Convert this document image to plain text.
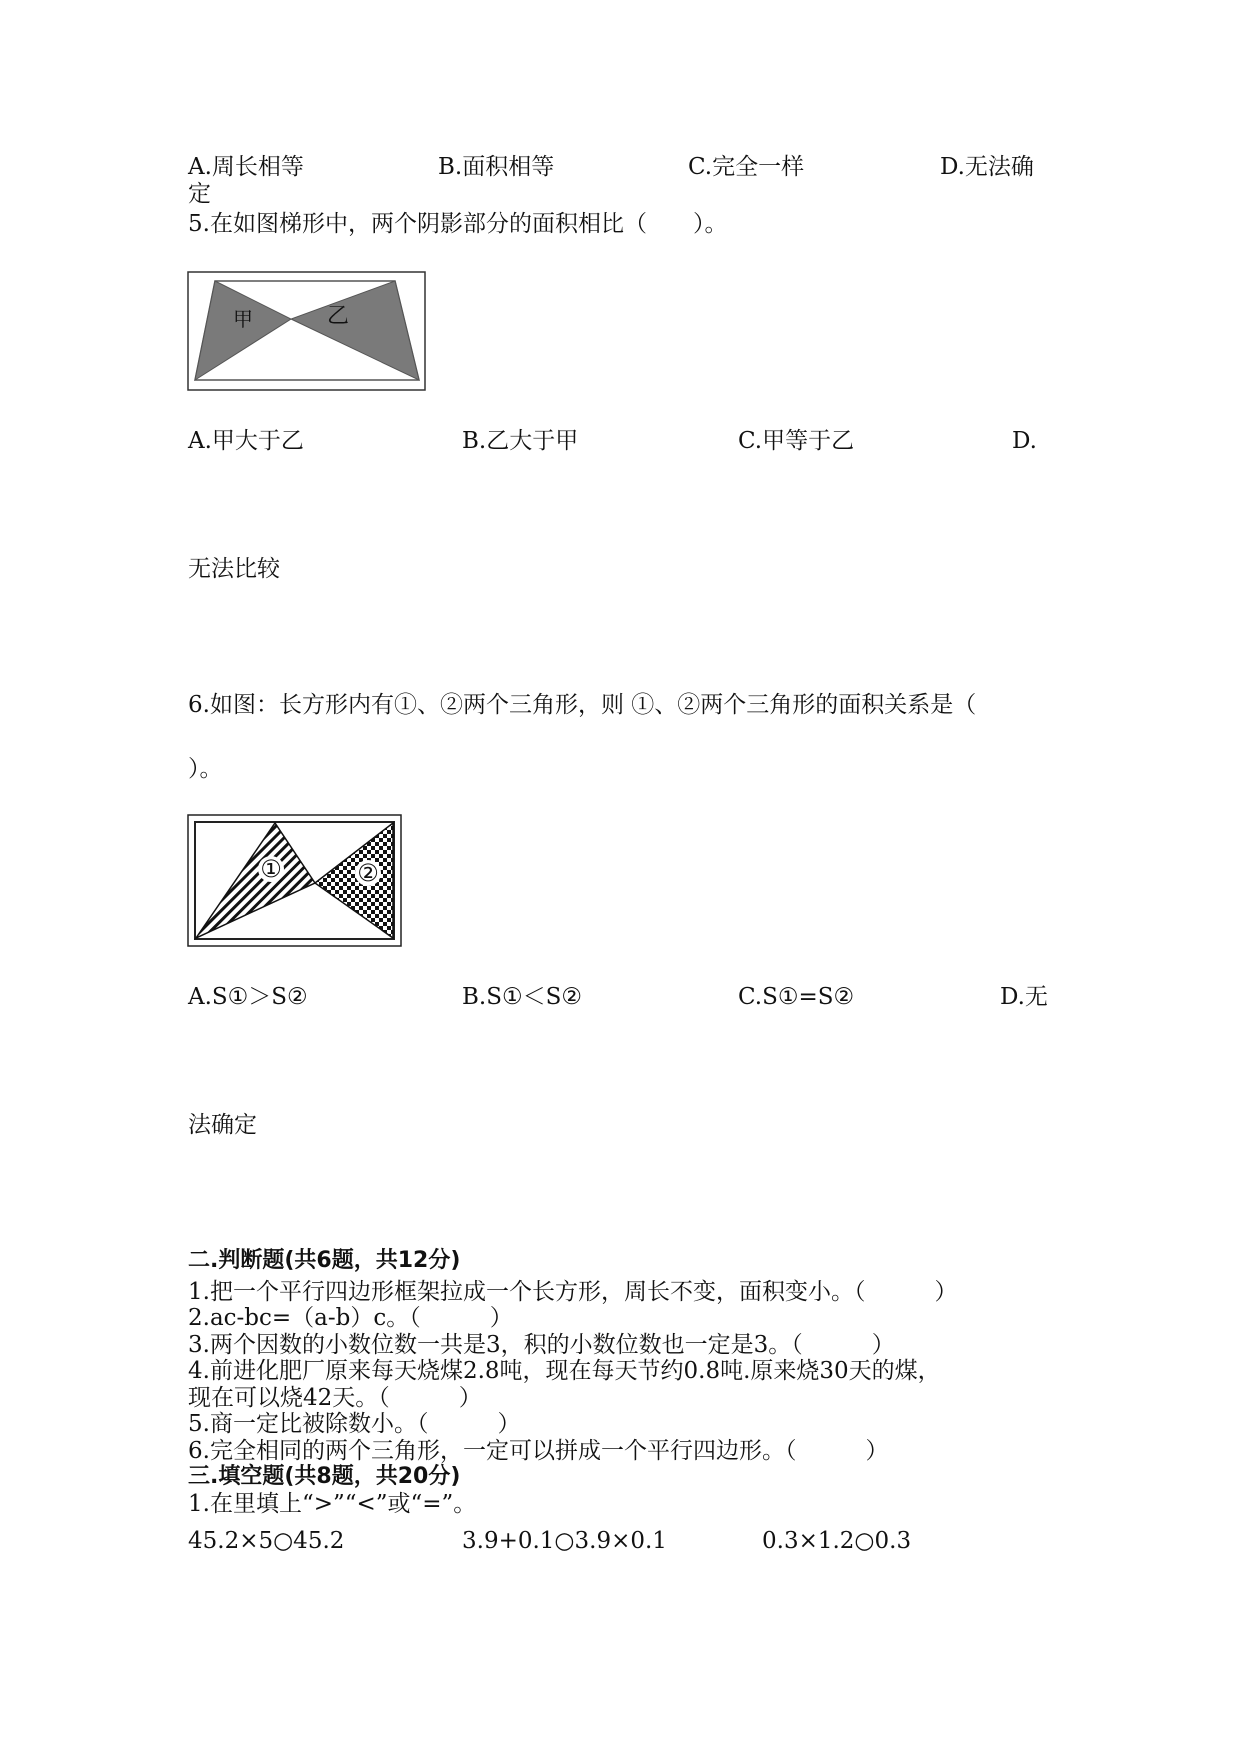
A.周长相等	B.面积相等	C.完全一样	D.无法确
定
5.在如图梯形中，两个阴影部分的面积相比（　　）。
甲	乙
A.甲大于乙	B.乙大于甲	C.甲等于乙	D.
无法比较
6.如图：长方形内有①、②两个三角形，则 ①、②两个三角形的面积关系是（
）。
①	②
A.S①＞S②	B.S①＜S②	C.S①=S②	D.无
法确定
二.判断题(共6题，共12分)
1.把一个平行四边形框架拉成一个长方形，周长不变，面积变小。（　　　）
2.ac-bc=（a-b）c。（　　　）
3.两个因数的小数位数一共是3，积的小数位数也一定是3。（　　　）
4.前进化肥厂原来每天烧煤2.8吨，现在每天节约0.8吨.原来烧30天的煤，
现在可以烧42天。（　　　）
5.商一定比被除数小。（　　　）
6.完全相同的两个三角形，一定可以拼成一个平行四边形。（　　　）
三.填空题(共8题，共20分)
1.在里填上“>”“<”或“=”。
45.2×5○45.2	3.9+0.1○3.9×0.1	0.3×1.2○0.3
